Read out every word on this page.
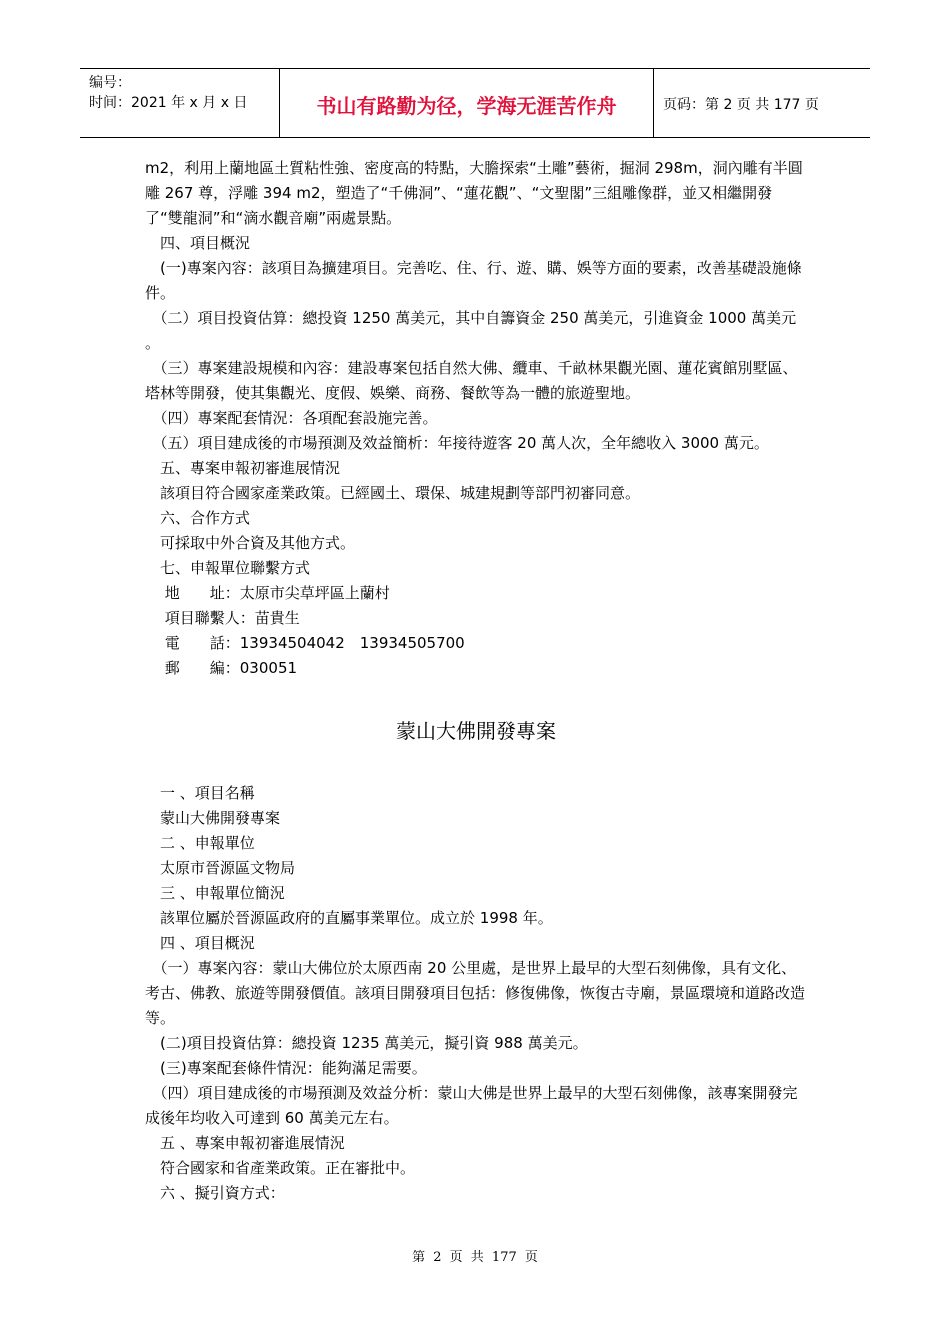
编号：
时间：2021 年 x 月 x 日	书山有路勤为径，学海无涯苦作舟	页码：第 2 页 共 177 页

m2，利用上蘭地區土質粘性強、密度高的特點，大膽探索“土雕”藝術，掘洞 298m，洞內雕有半圓雕 267 尊，浮雕 394 m2，塑造了“千佛洞”、“蓮花觀”、“文聖閣”三組雕像群，並又相繼開發了“雙龍洞”和“滴水觀音廟”兩處景點。

　四、項目概況

　(一)專案內容：該項目為擴建項目。完善吃、住、行、遊、購、娛等方面的要素，改善基礎設施條件。

　（二）項目投資估算：總投資 1250 萬美元，其中自籌資金 250 萬美元，引進資金 1000 萬美元 。

　（三）專案建設規模和內容：建設專案包括自然大佛、纜車、千畝林果觀光園、蓮花賓館別墅區、塔林等開發，使其集觀光、度假、娛樂、商務、餐飲等為一體的旅遊聖地。

　（四）專案配套情況：各項配套設施完善。

　（五）項目建成後的市場預測及效益簡析：年接待遊客 20 萬人次，全年總收入 3000 萬元。

　五、專案申報初審進展情況

　該項目符合國家產業政策。已經國土、環保、城建規劃等部門初審同意。

　六、合作方式

　可採取中外合資及其他方式。

　七、申報單位聯繫方式

　 地　　址：太原市尖草坪區上蘭村

　 項目聯繫人：苗貴生

　 電　　話：13934504042　13934505700

　 郵　　編：030051

蒙山大佛開發專案

　一 、項目名稱

　蒙山大佛開發專案

　二 、申報單位

　太原市晉源區文物局

　三 、申報單位簡況

　該單位屬於晉源區政府的直屬事業單位。成立於 1998 年。

　四 、項目概況

　（一）專案內容：蒙山大佛位於太原西南 20 公里處，是世界上最早的大型石刻佛像，具有文化、考古、佛教、旅遊等開發價值。該項目開發項目包括：修復佛像，恢復古寺廟，景區環境和道路改造等。

　(二)項目投資估算：總投資 1235 萬美元，擬引資 988 萬美元。

　(三)專案配套條件情況：能夠滿足需要。

　（四）項目建成後的市場預測及效益分析：蒙山大佛是世界上最早的大型石刻佛像，該專案開發完成後年均收入可達到 60 萬美元左右。

　五 、專案申報初審進展情況

　符合國家和省產業政策。正在審批中。

　六 、擬引資方式：

第 2 页 共 177 页
